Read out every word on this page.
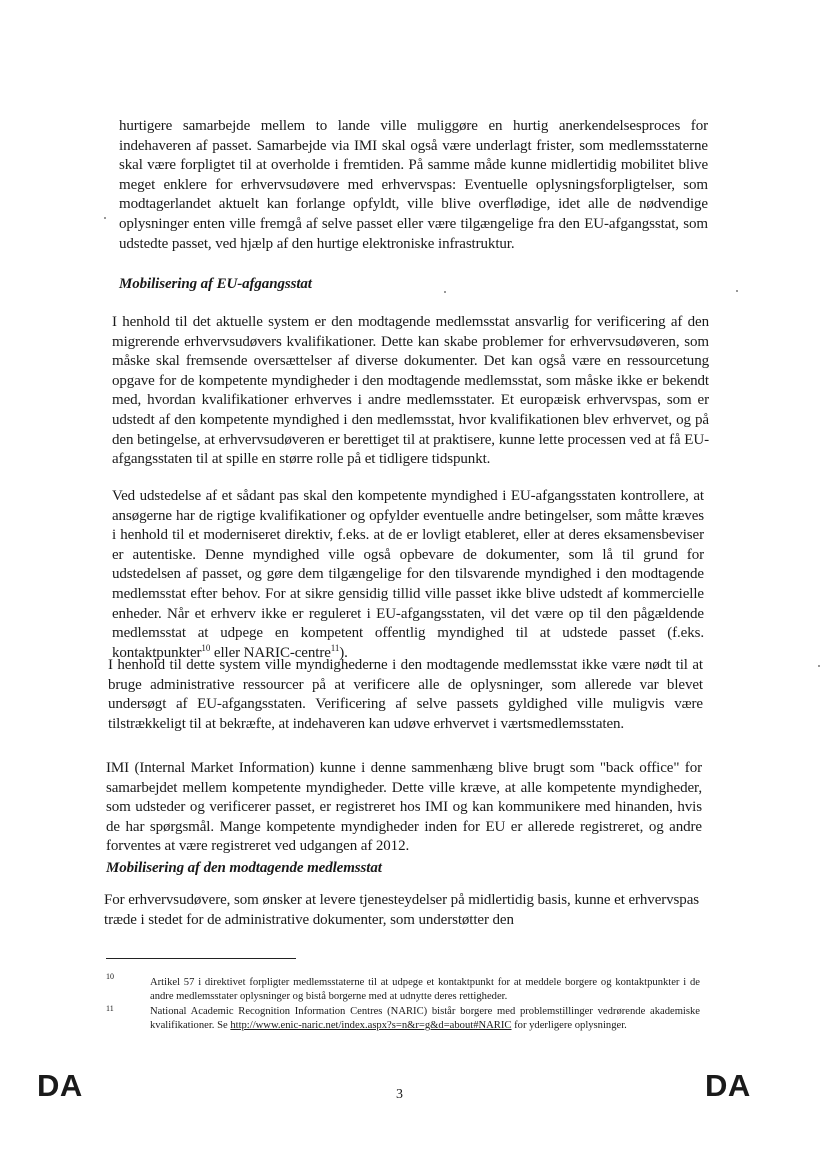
hurtigere samarbejde mellem to lande ville muliggøre en hurtig anerkendelsesproces for indehaveren af passet. Samarbejde via IMI skal også være underlagt frister, som medlemsstaterne skal være forpligtet til at overholde i fremtiden. På samme måde kunne midlertidig mobilitet blive meget enklere for erhvervsudøvere med erhvervspas: Eventuelle oplysningsforpligtelser, som modtagerlandet aktuelt kan forlange opfyldt, ville blive overflødige, idet alle de nødvendige oplysninger enten ville fremgå af selve passet eller være tilgængelige fra den EU-afgangsstat, som udstedte passet, ved hjælp af den hurtige elektroniske infrastruktur.

Mobilisering af EU-afgangsstat

I henhold til det aktuelle system er den modtagende medlemsstat ansvarlig for verificering af den migrerende erhvervsudøvers kvalifikationer. Dette kan skabe problemer for erhvervsudøveren, som måske skal fremsende oversættelser af diverse dokumenter. Det kan også være en ressourcetung opgave for de kompetente myndigheder i den modtagende medlemsstat, som måske ikke er bekendt med, hvordan kvalifikationer erhverves i andre medlemsstater. Et europæisk erhvervspas, som er udstedt af den kompetente myndighed i den medlemsstat, hvor kvalifikationen blev erhvervet, og på den betingelse, at erhvervsudøveren er berettiget til at praktisere, kunne lette processen ved at få EU-afgangsstaten til at spille en større rolle på et tidligere tidspunkt.

Ved udstedelse af et sådant pas skal den kompetente myndighed i EU-afgangsstaten kontrollere, at ansøgerne har de rigtige kvalifikationer og opfylder eventuelle andre betingelser, som måtte kræves i henhold til et moderniseret direktiv, f.eks. at de er lovligt etableret, eller at deres eksamensbeviser er autentiske. Denne myndighed ville også opbevare de dokumenter, som lå til grund for udstedelsen af passet, og gøre dem tilgængelige for den tilsvarende myndighed i den modtagende medlemsstat efter behov. For at sikre gensidig tillid ville passet ikke blive udstedt af kommercielle enheder. Når et erhverv ikke er reguleret i EU-afgangsstaten, vil det være op til den pågældende medlemsstat at udpege en kompetent offentlig myndighed til at udstede passet (f.eks. kontaktpunkter$^{10}$ eller NARIC-centre$^{11}$).

I henhold til dette system ville myndighederne i den modtagende medlemsstat ikke være nødt til at bruge administrative ressourcer på at verificere alle de oplysninger, som allerede var blevet undersøgt af EU-afgangsstaten. Verificering af selve passets gyldighed ville muligvis være tilstrækkeligt til at bekræfte, at indehaveren kan udøve erhvervet i værtsmedlemsstaten.

IMI (Internal Market Information) kunne i denne sammenhæng blive brugt som "back office" for samarbejdet mellem kompetente myndigheder. Dette ville kræve, at alle kompetente myndigheder, som udsteder og verificerer passet, er registreret hos IMI og kan kommunikere med hinanden, hvis de har spørgsmål. Mange kompetente myndigheder inden for EU er allerede registreret, og andre forventes at være registreret ved udgangen af 2012.

Mobilisering af den modtagende medlemsstat

For erhvervsudøvere, som ønsker at levere tjenesteydelser på midlertidig basis, kunne et erhvervspas træde i stedet for de administrative dokumenter, som understøtter den

10
Artikel 57 i direktivet forpligter medlemsstaterne til at udpege et kontaktpunkt for at meddele borgere og kontaktpunkter i de andre medlemsstater oplysninger og bistå borgerne med at udnytte deres rettigheder.
11	National Academic Recognition Information Centres (NARIC) bistår borgere med problemstillinger vedrørende akademiske kvalifikationer. Se http://www.enic-naric.net/index.aspx?s=n&r=g&d=about#NARIC for yderligere oplysninger.
DA	3	DA
